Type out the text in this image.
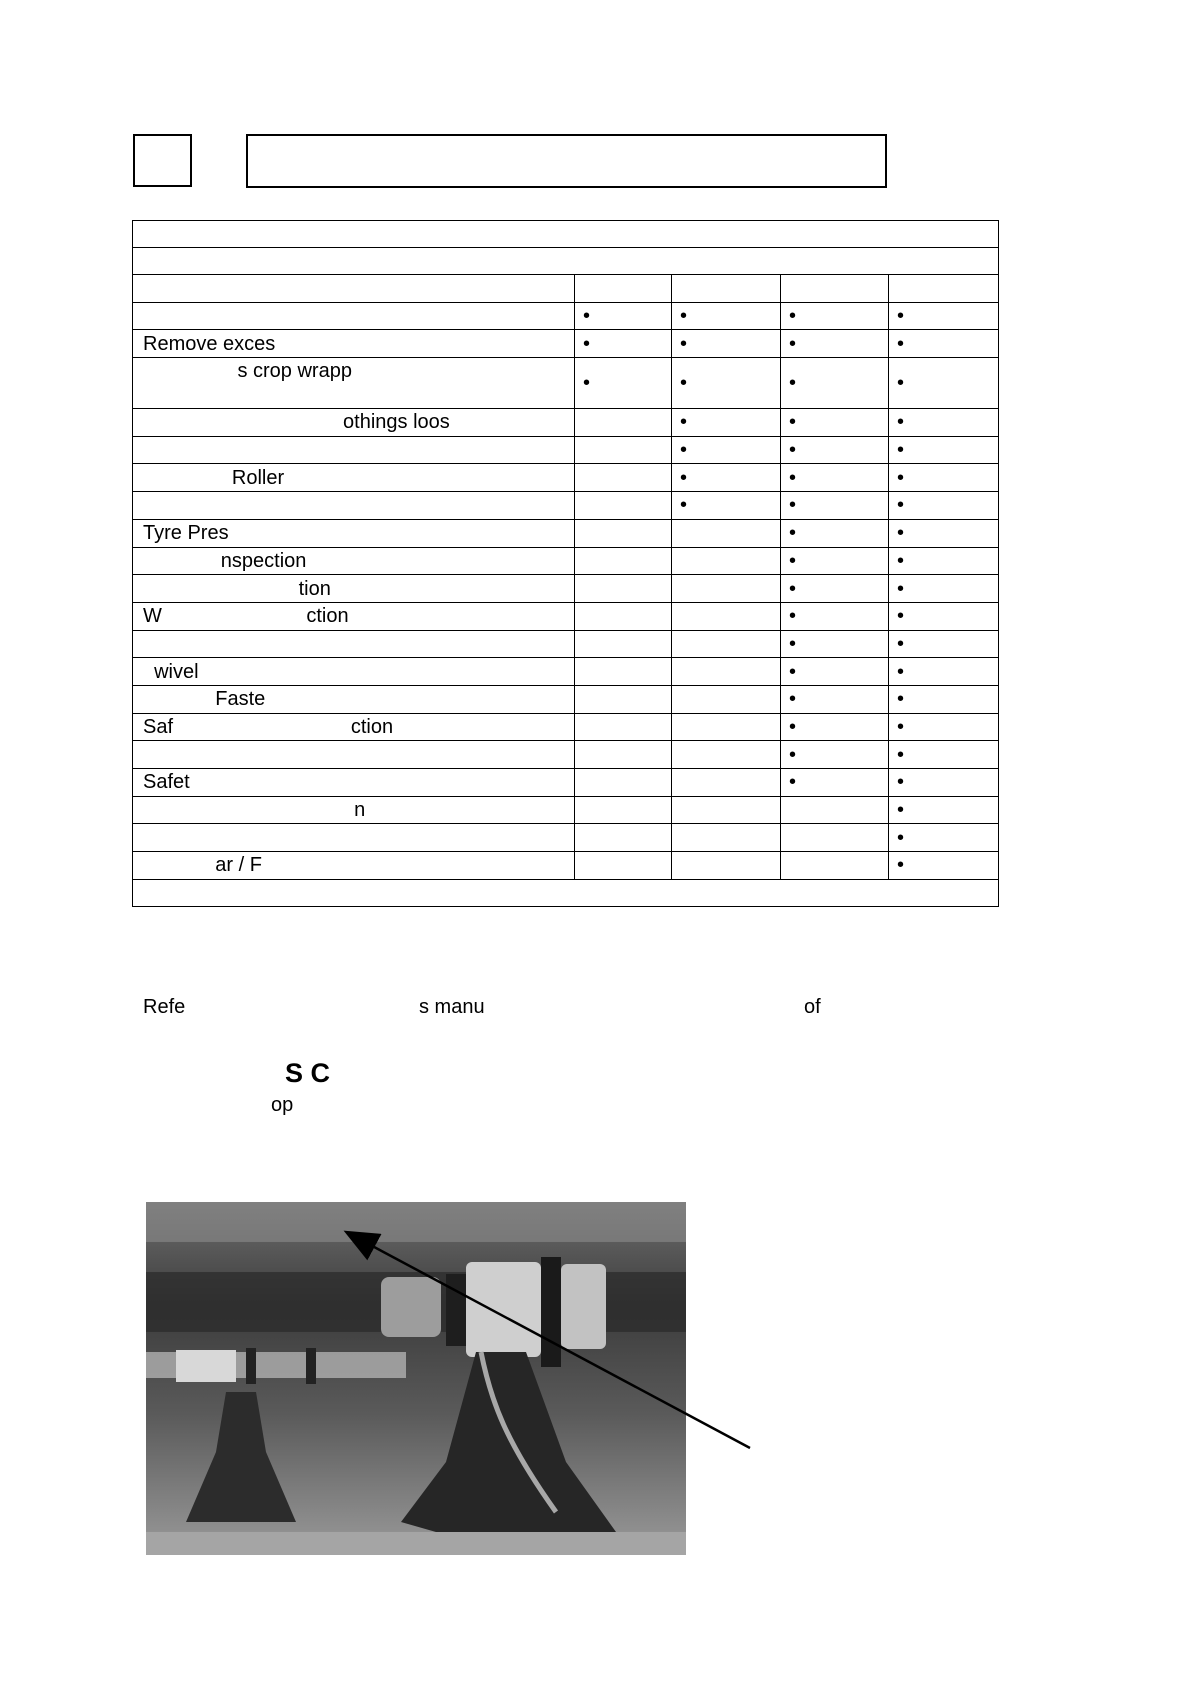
	•	•	•	•
Remove exces	•	•	•	•
s crop wrapp	•	•	•	•
othings loos		•	•	•
		•	•	•
Roller		•	•	•
		•	•	•
Tyre Pres			•	•
nspection			•	•
tion			•	•
W                          ction			•	•
			•	•
wivel			•	•
Faste			•	•
Saf                                ction			•	•
			•	•
Safet			•	•
n				•
				•
ar / F				•

Refe	s manu	of
S C
op
